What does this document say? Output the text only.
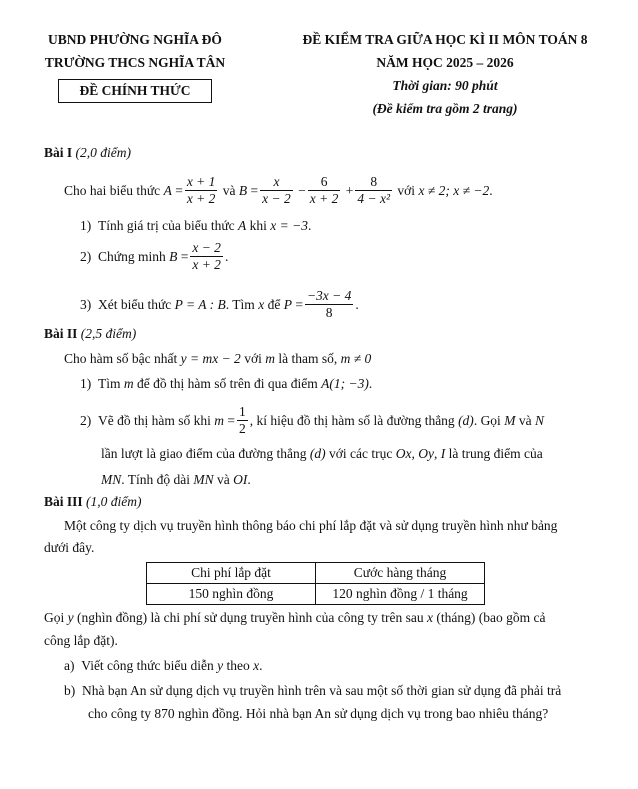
UBND PHƯỜNG NGHĨA ĐÔ
TRƯỜNG THCS NGHĨA TÂN
ĐỀ CHÍNH THỨC
ĐỀ KIỂM TRA GIỮA HỌC KÌ II MÔN TOÁN 8
NĂM HỌC 2025 – 2026
Thời gian: 90 phút
(Đề kiểm tra gồm 2 trang)
Bài I (2,0 điểm)
Cho hai biểu thức
$A = \frac{x + 1}{x + 2}$
và
$B = \frac{x}{x - 2} - \frac{6}{x + 2} + \frac{8}{\text{4 − x²}}$
với
x ≠ 2; x ≠ −2 .
1) Tính giá trị của biểu thức A khi x = −3.
2)
Chứng minh
$B = \frac{x - 2}{x + 2}$ .
3)
Xét biểu thức
P = A : B . Tìm
x
để
$P = \frac{-3x - 4}{8}$ .
Bài II (2,5 điểm)
Cho hàm số bậc nhất y = mx − 2 với m là tham số, m ≠ 0
1) Tìm m để đồ thị hàm số trên đi qua điểm A(1; −3).
2)
Vẽ đồ thị hàm số khi
$m = \frac{1}{2}$ , kí hiệu đồ thị hàm số là đường thẳng
(d) . Gọi
M
và
N
lần lượt là giao điểm của đường thẳng (d) với các trục Ox, Oy, I là trung điểm của
MN. Tính độ dài MN và OI.
Bài III (1,0 điểm)
Một công ty dịch vụ truyền hình thông báo chi phí lắp đặt và sử dụng truyền hình như bảng
dưới đây.
Chi phí lắp đặt	Cước hàng tháng
150 nghìn đồng	120 nghìn đồng / 1 tháng
Gọi y (nghìn đồng) là chi phí sử dụng truyền hình của công ty trên sau x (tháng) (bao gồm cả
công lắp đặt).
a) Viết công thức biểu diễn y theo x.
b) Nhà bạn An sử dụng dịch vụ truyền hình trên và sau một số thời gian sử dụng đã phải trả
cho công ty 870 nghìn đồng. Hỏi nhà bạn An sử dụng dịch vụ trong bao nhiêu tháng?
